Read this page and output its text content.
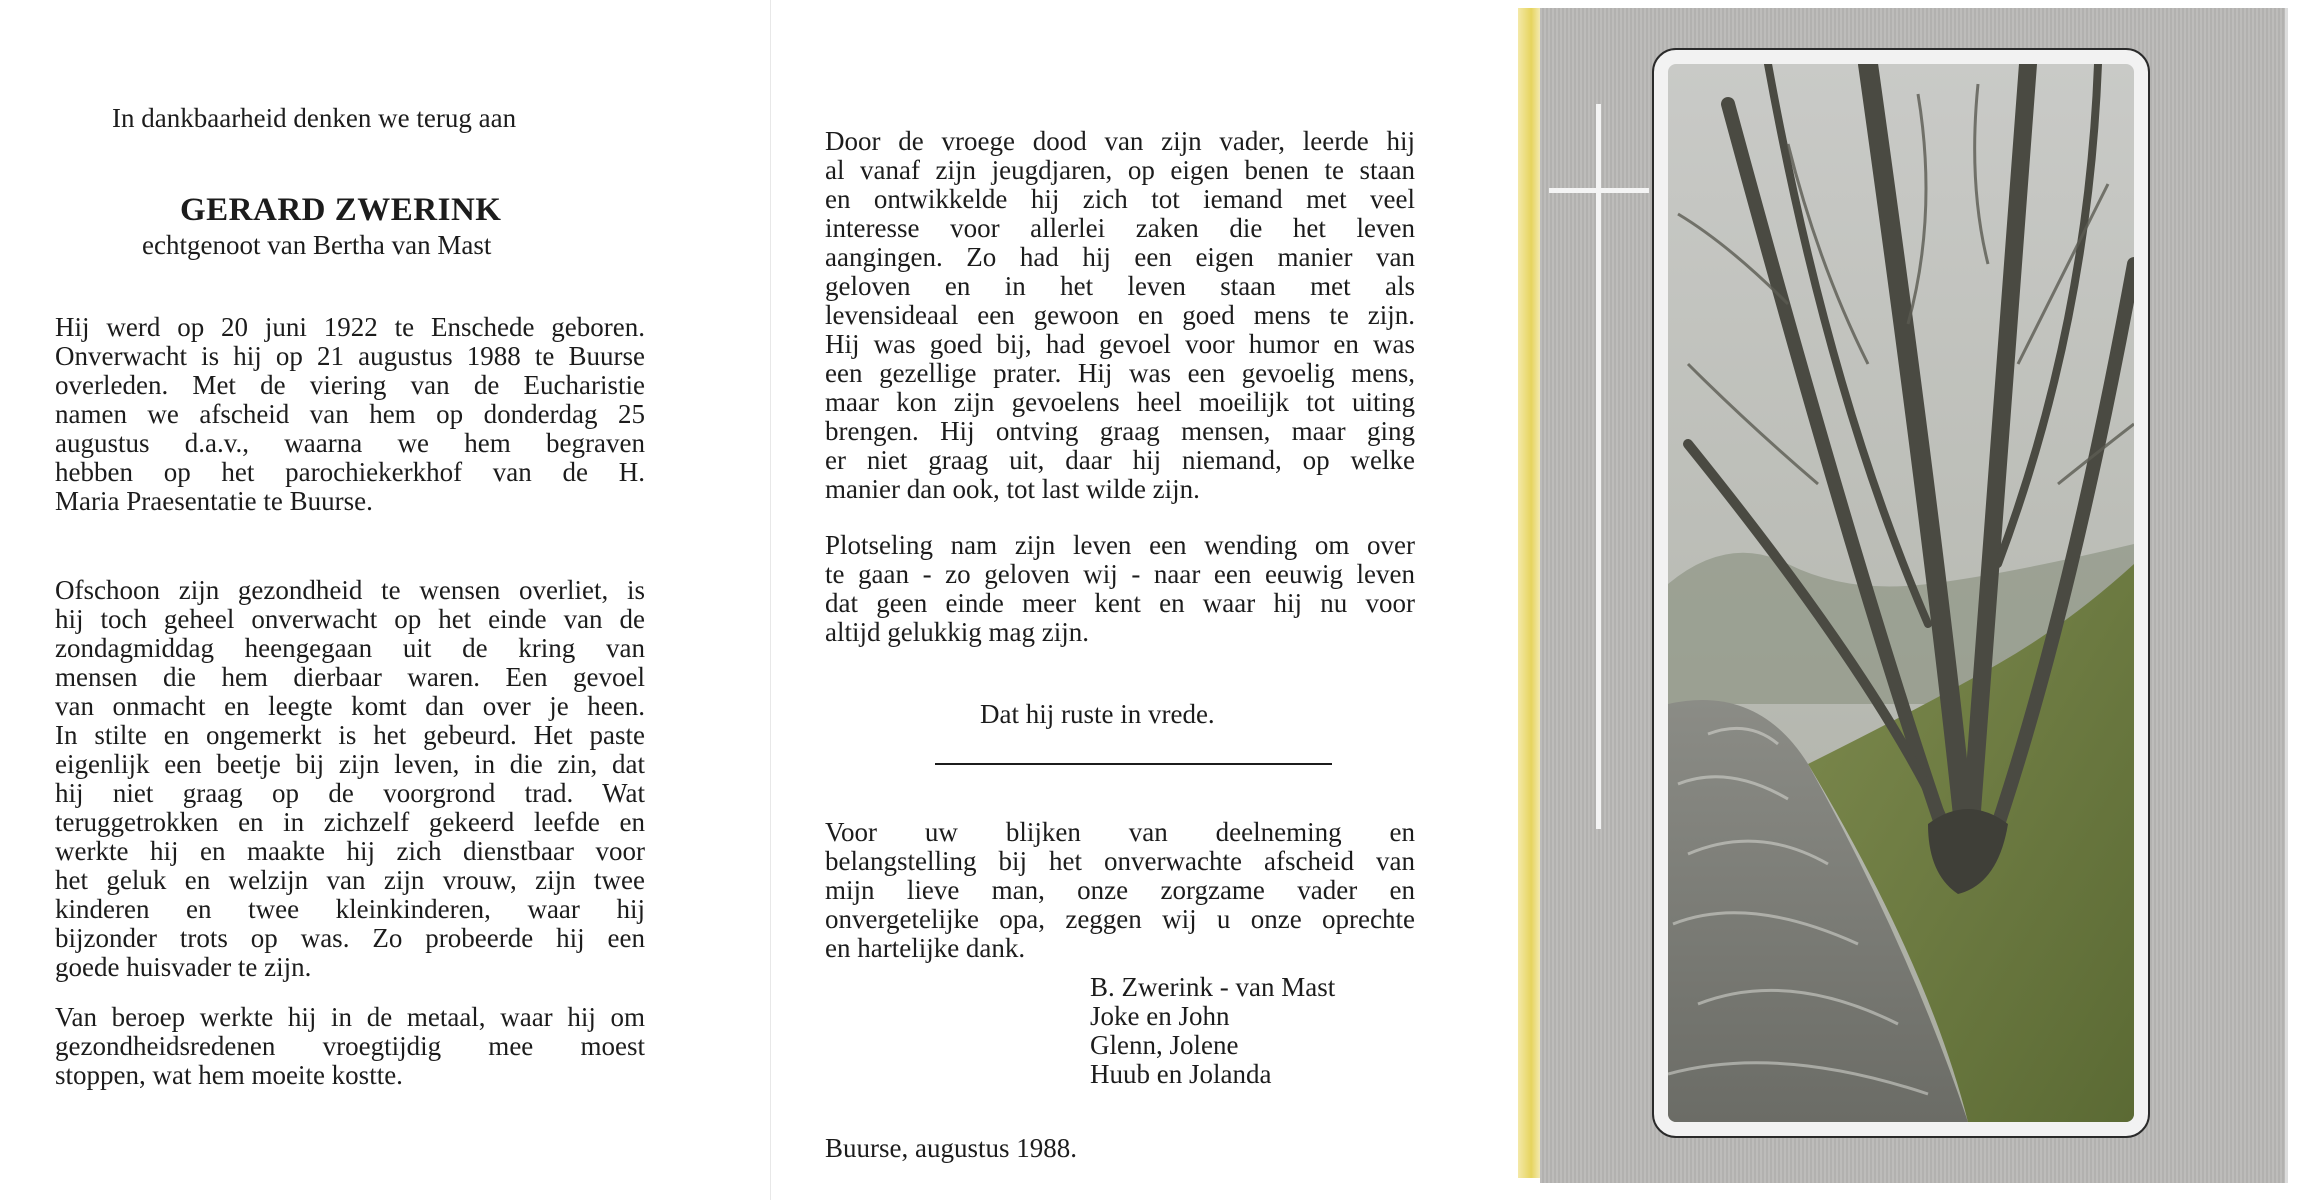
In dankbaarheid denken we terug aan
GERARD ZWERINK
echtgenoot van Bertha van Mast
Hij werd op 20 juni 1922 te Enschede geboren.
Onverwacht is hij op 21 augustus 1988 te Buurse
overleden. Met de viering van de Eucharistie
namen we afscheid van hem op donderdag 25
augustus d.a.v., waarna we hem begraven
hebben op het parochiekerkhof van de H.
Maria Praesentatie te Buurse.
Ofschoon zijn gezondheid te wensen overliet, is
hij toch geheel onverwacht op het einde van de
zondagmiddag heengegaan uit de kring van
mensen die hem dierbaar waren. Een gevoel
van onmacht en leegte komt dan over je heen.
In stilte en ongemerkt is het gebeurd. Het paste
eigenlijk een beetje bij zijn leven, in die zin, dat
hij niet graag op de voorgrond trad. Wat
teruggetrokken en in zichzelf gekeerd leefde en
werkte hij en maakte hij zich dienstbaar voor
het geluk en welzijn van zijn vrouw, zijn twee
kinderen en twee kleinkinderen, waar hij
bijzonder trots op was. Zo probeerde hij een
goede huisvader te zijn.
Van beroep werkte hij in de metaal, waar hij om
gezondheidsredenen vroegtijdig mee moest
stoppen, wat hem moeite kostte.
Door de vroege dood van zijn vader, leerde hij
al vanaf zijn jeugdjaren, op eigen benen te staan
en ontwikkelde hij zich tot iemand met veel
interesse voor allerlei zaken die het leven
aangingen. Zo had hij een eigen manier van
geloven en in het leven staan met als
levensideaal een gewoon en goed mens te zijn.
Hij was goed bij, had gevoel voor humor en was
een gezellige prater. Hij was een gevoelig mens,
maar kon zijn gevoelens heel moeilijk tot uiting
brengen. Hij ontving graag mensen, maar ging
er niet graag uit, daar hij niemand, op welke
manier dan ook, tot last wilde zijn.
Plotseling nam zijn leven een wending om over
te gaan - zo geloven wij - naar een eeuwig leven
dat geen einde meer kent en waar hij nu voor
altijd gelukkig mag zijn.
Dat hij ruste in vrede.
Voor uw blijken van deelneming en
belangstelling bij het onverwachte afscheid van
mijn lieve man, onze zorgzame vader en
onvergetelijke opa, zeggen wij u onze oprechte
en hartelijke dank.
B. Zwerink - van Mast
Joke en John
Glenn, Jolene
Huub en Jolanda
Buurse, augustus 1988.
